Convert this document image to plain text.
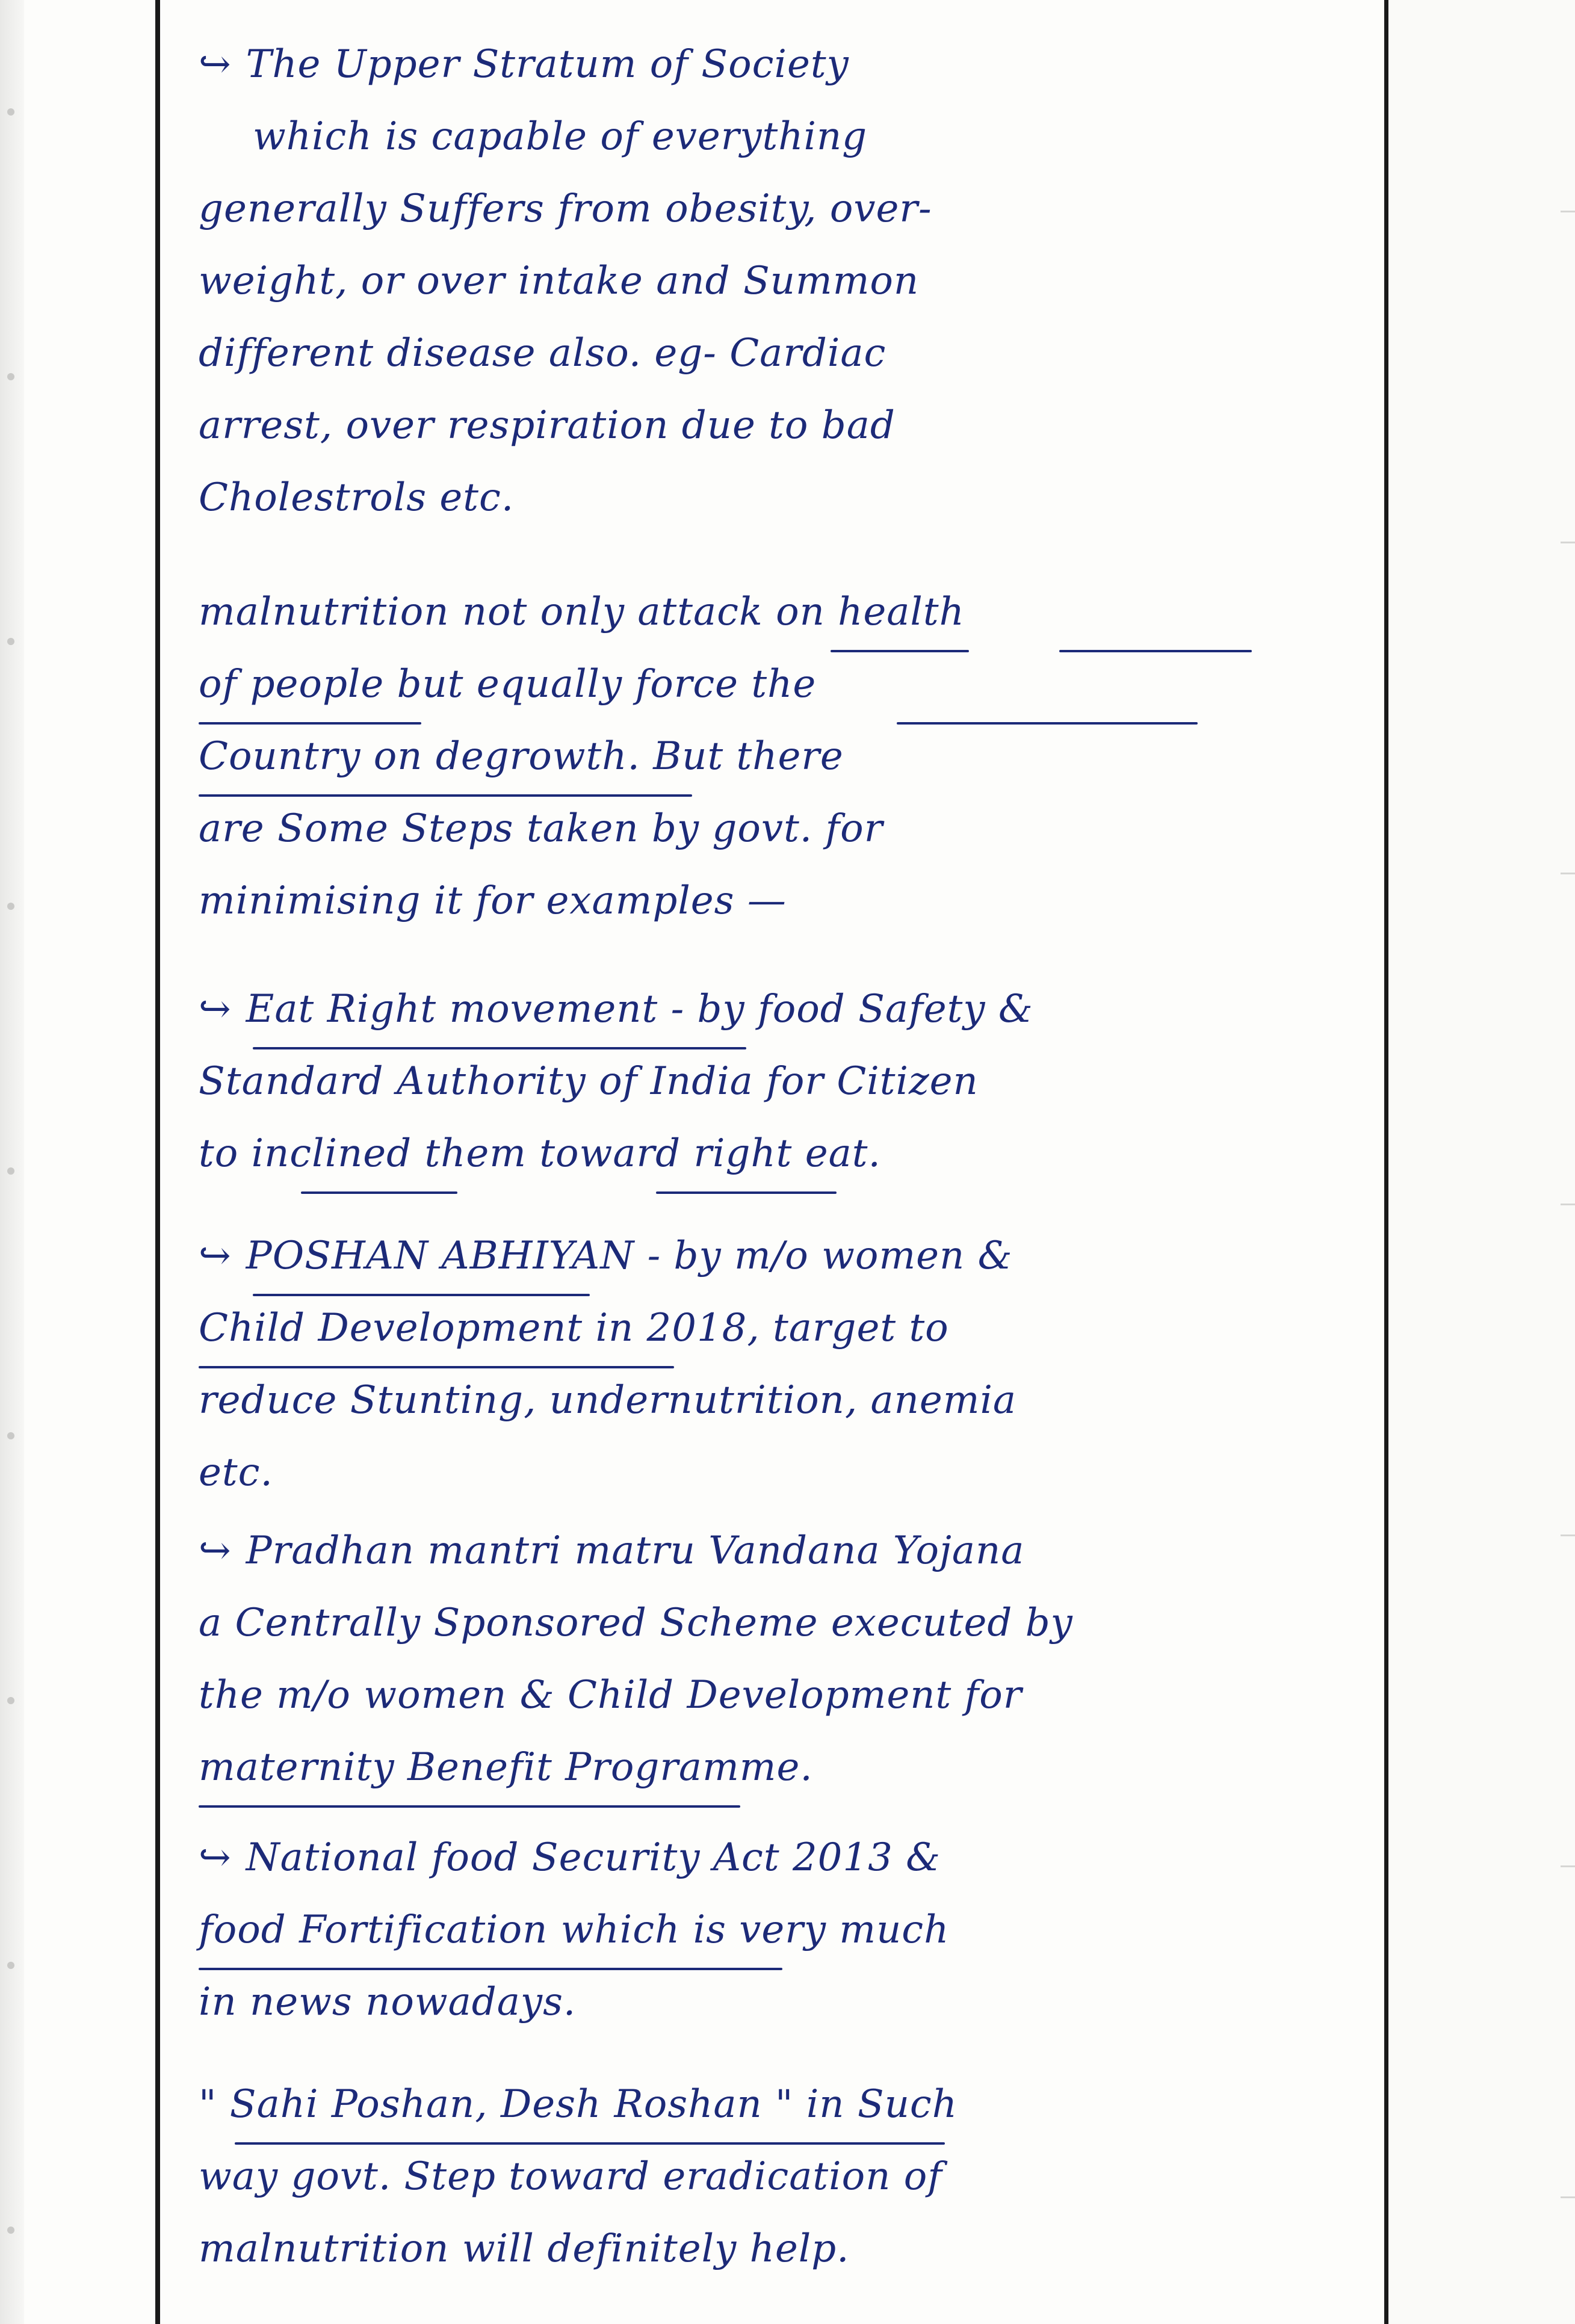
↪ The Upper Stratum of Society
which is capable of everything
generally Suffers from obesity, over-
weight, or over intake and Summon
different disease also. eg- Cardiac
arrest, over respiration due to bad
Cholestrols etc.
malnutrition not only attack on health
of people but equally force the
Country on degrowth. But there
are Some Steps taken by govt. for
minimising it for examples —
↪ Eat Right movement - by food Safety &
Standard Authority of India for Citizen
to inclined them toward right eat.
↪ POSHAN ABHIYAN - by m/o women &
Child Development in 2018, target to
reduce Stunting, undernutrition, anemia
etc.
↪ Pradhan mantri matru Vandana Yojana
a Centrally Sponsored Scheme executed by
the m/o women & Child Development for
maternity Benefit Programme.
↪ National food Security Act 2013 &
food Fortification which is very much
in news nowadays.
" Sahi Poshan, Desh Roshan " in Such
way govt. Step toward eradication of
malnutrition will definitely help.
